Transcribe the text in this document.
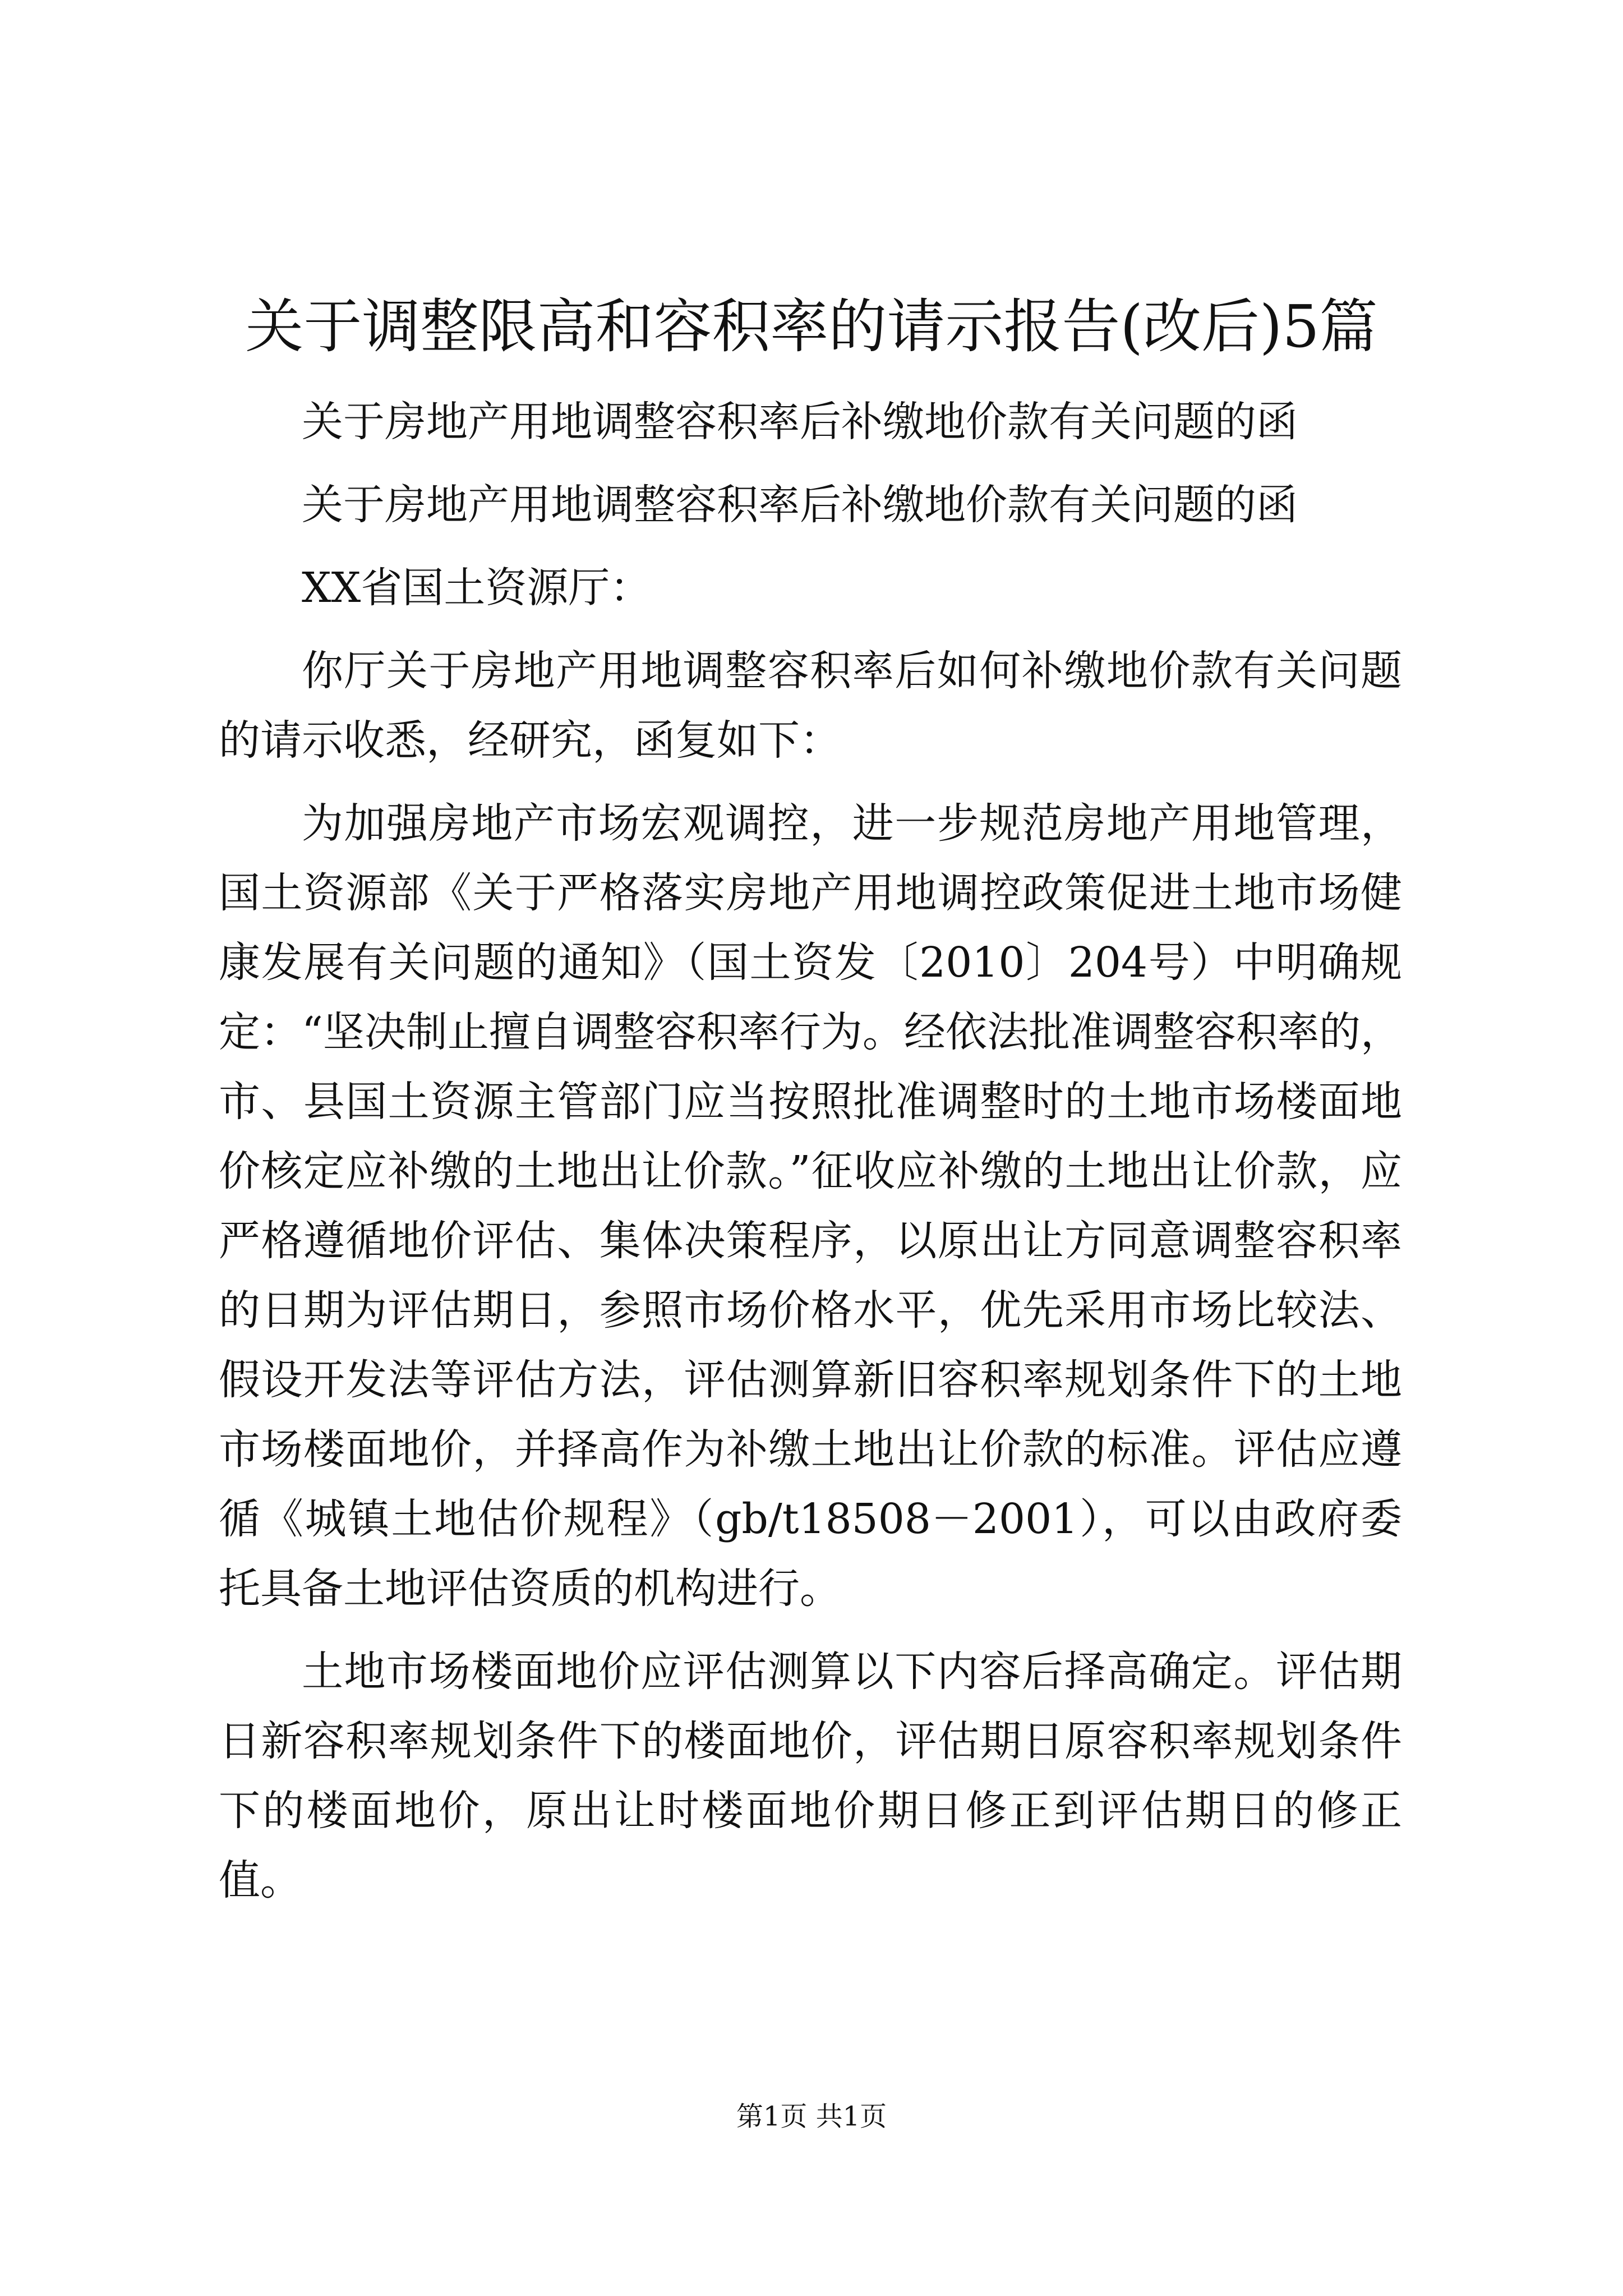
关于调整限高和容积率的请示报告(改后)5篇

关于房地产用地调整容积率后补缴地价款有关问题的函

关于房地产用地调整容积率后补缴地价款有关问题的函

XX省国土资源厅：

你厅关于房地产用地调整容积率后如何补缴地价款有关问题的请示收悉，经研究，函复如下：

为加强房地产市场宏观调控，进一步规范房地产用地管理，国土资源部《关于严格落实房地产用地调控政策促进土地市场健康发展有关问题的通知》（国土资发〔2010〕204号）中明确规定：“坚决制止擅自调整容积率行为。经依法批准调整容积率的，市、县国土资源主管部门应当按照批准调整时的土地市场楼面地价核定应补缴的土地出让价款。”征收应补缴的土地出让价款，应严格遵循地价评估、集体决策程序，以原出让方同意调整容积率的日期为评估期日，参照市场价格水平，优先采用市场比较法、假设开发法等评估方法，评估测算新旧容积率规划条件下的土地市场楼面地价，并择高作为补缴土地出让价款的标准。评估应遵循《城镇土地估价规程》（gb/t18508－2001），可以由政府委托具备土地评估资质的机构进行。

土地市场楼面地价应评估测算以下内容后择高确定。评估期日新容积率规划条件下的楼面地价，评估期日原容积率规划条件下的楼面地价，原出让时楼面地价期日修正到评估期日的修正值。

第1页 共1页
